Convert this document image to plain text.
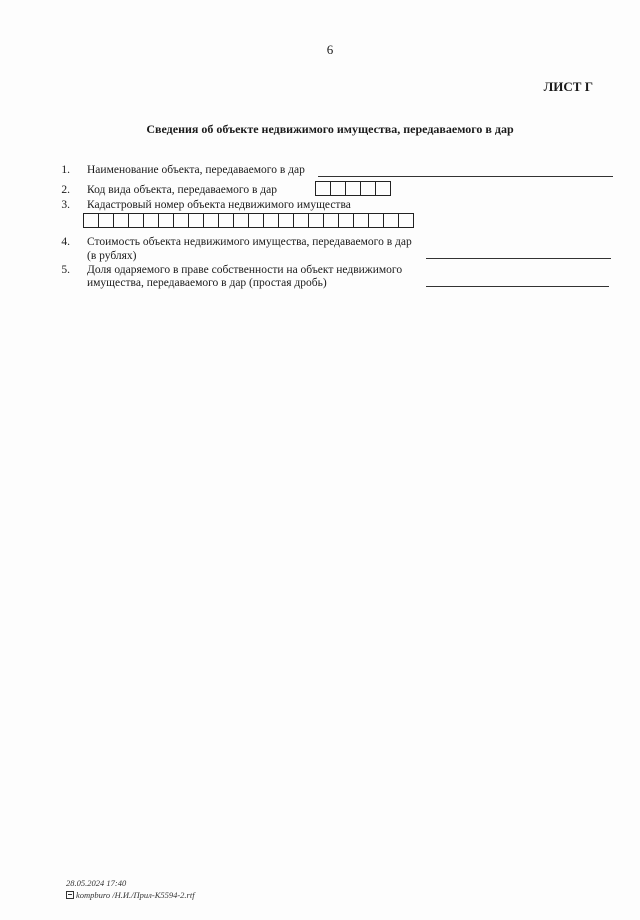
6
ЛИСТ Г
Сведения об объекте недвижимого имущества, передаваемого в дар
1. Наименование объекта, передаваемого в дар
2. Код вида объекта, передаваемого в дар
3. Кадастровый номер объекта недвижимого имущества
4. Стоимость объекта недвижимого имущества, передаваемого в дар
(в рублях)
5. Доля одаряемого в праве собственности на объект недвижимого
имущества, передаваемого в дар (простая дробь)
28.05.2024 17:40
kompburo /Н.И./Прил-К5594-2.rtf
